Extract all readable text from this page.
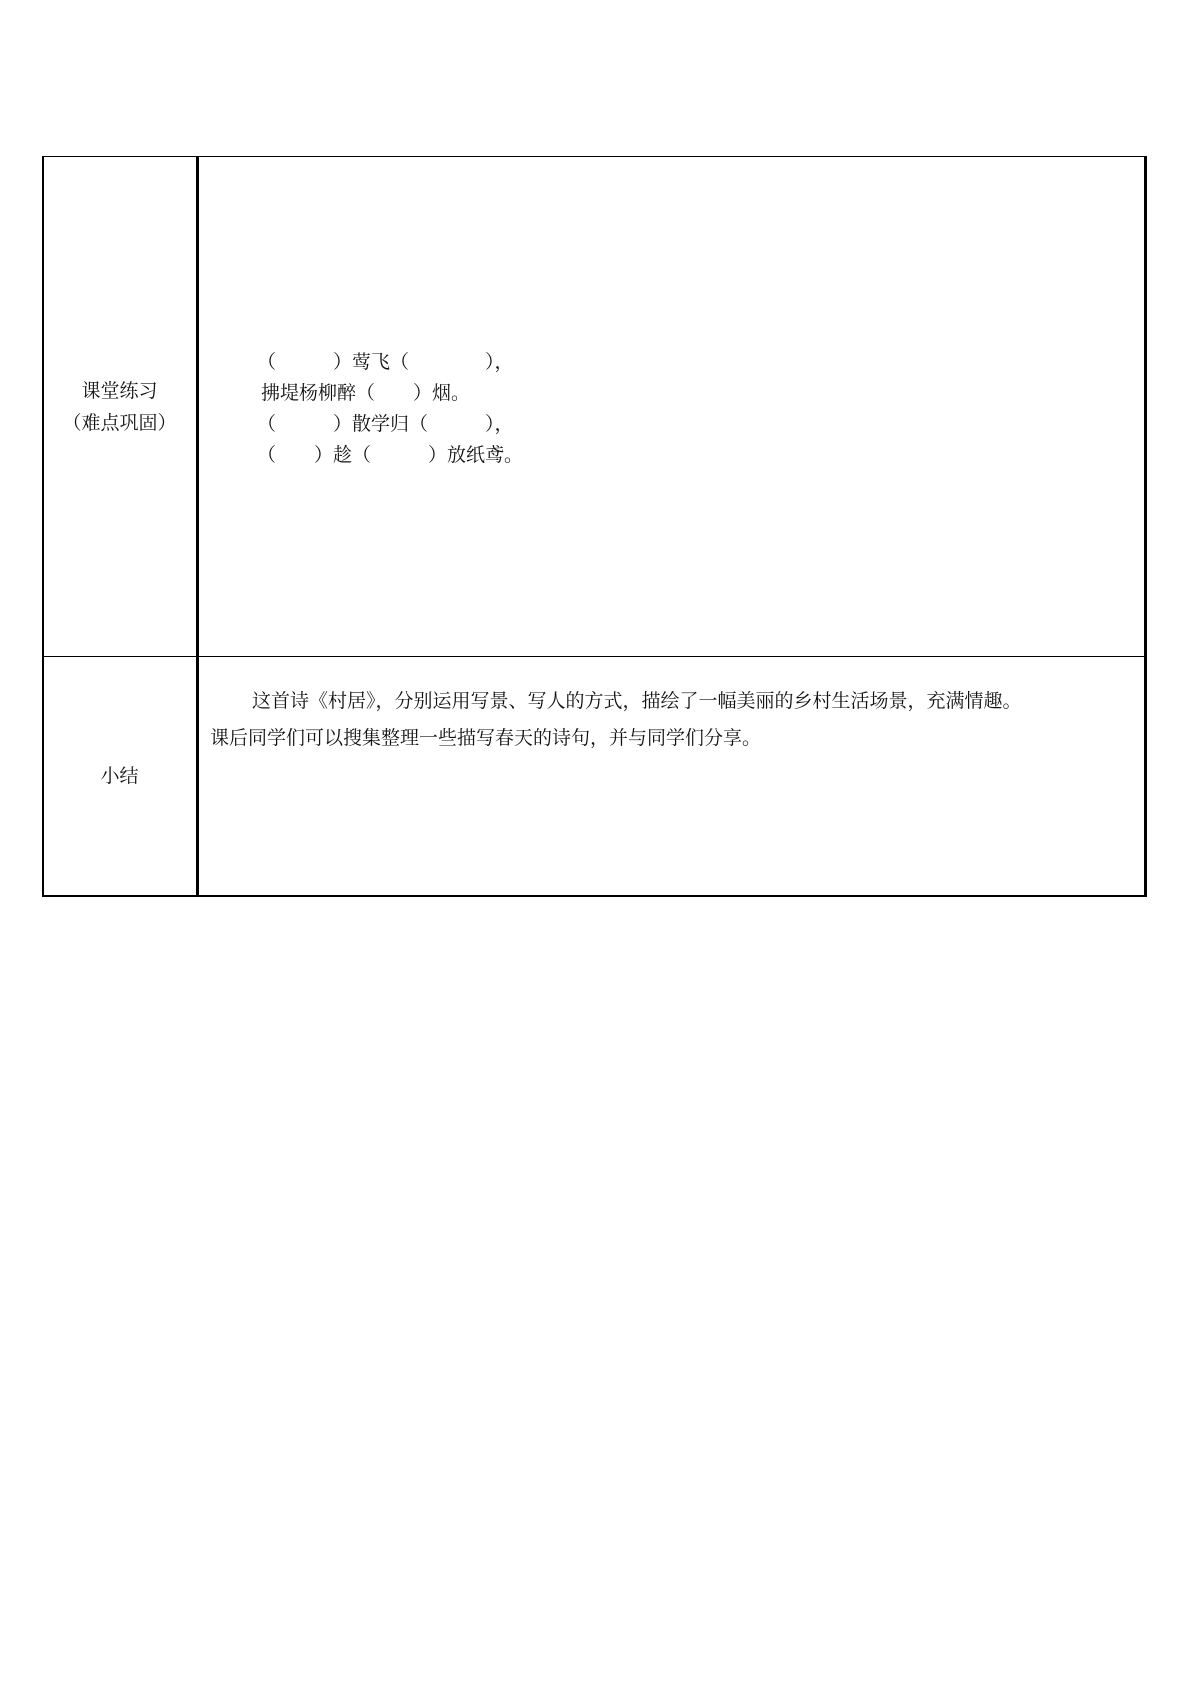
课堂练习
（难点巩固）
（　　　）莺飞（　　　　），
拂堤杨柳醉（　　）烟。
（　　　）散学归（　　　），
（　　）趁（　　　）放纸鸢。
小结
这首诗《村居》，分别运用写景、写人的方式，描绘了一幅美丽的乡村生活场景，充满情趣。
课后同学们可以搜集整理一些描写春天的诗句，并与同学们分享。
